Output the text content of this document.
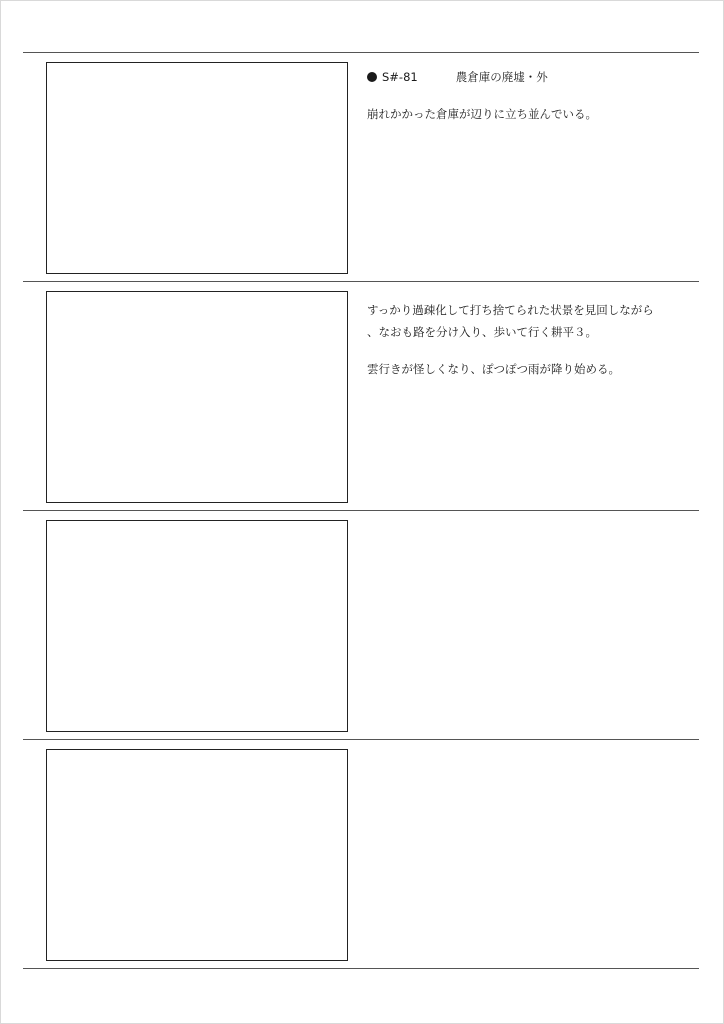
S#-81	農倉庫の廃墟・外

崩れかかった倉庫が辺りに立ち並んでいる。

すっかり過疎化して打ち捨てられた状景を見回しながら

、なおも路を分け入り、歩いて行く耕平３。

雲行きが怪しくなり、ぽつぽつ雨が降り始める。
